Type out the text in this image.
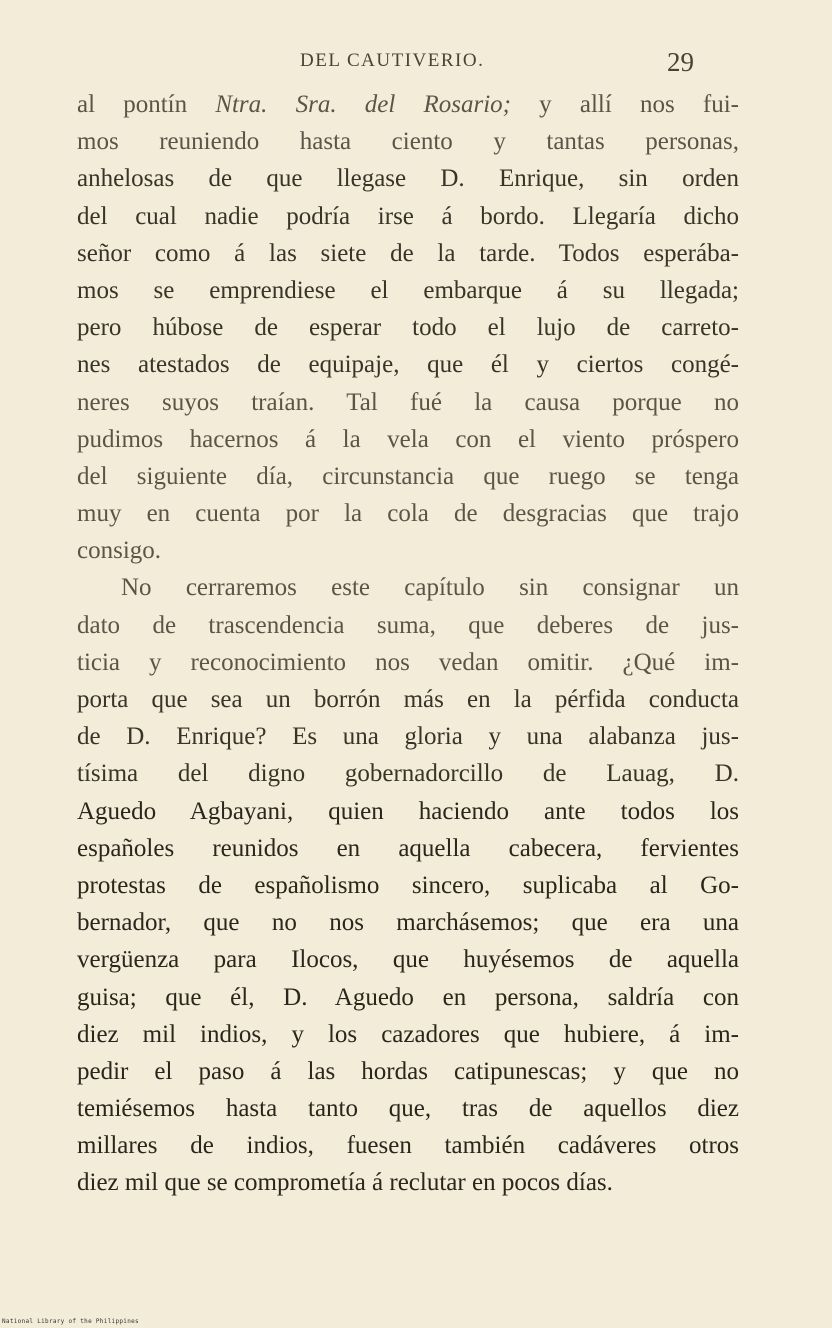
DEL CAUTIVERIO.	29
al pontín Ntra. Sra. del Rosario; y allí nos fui-
mos reuniendo hasta ciento y tantas personas,
anhelosas de que llegase D. Enrique, sin orden
del cual nadie podría irse á bordo. Llegaría dicho
señor como á las siete de la tarde. Todos esperába-
mos se emprendiese el embarque á su llegada;
pero húbose de esperar todo el lujo de carreto-
nes atestados de equipaje, que él y ciertos congé-
neres suyos traían. Tal fué la causa porque no
pudimos hacernos á la vela con el viento próspero
del siguiente día, circunstancia que ruego se tenga
muy en cuenta por la cola de desgracias que trajo
consigo.
No cerraremos este capítulo sin consignar un
dato de trascendencia suma, que deberes de jus-
ticia y reconocimiento nos vedan omitir. ¿Qué im-
porta que sea un borrón más en la pérfida conducta
de D. Enrique? Es una gloria y una alabanza jus-
tísima del digno gobernadorcillo de Lauag, D.
Aguedo Agbayani, quien haciendo ante todos los
españoles reunidos en aquella cabecera, fervientes
protestas de españolismo sincero, suplicaba al Go-
bernador, que no nos marchásemos; que era una
vergüenza para Ilocos, que huyésemos de aquella
guisa; que él, D. Aguedo en persona, saldría con
diez mil indios, y los cazadores que hubiere, á im-
pedir el paso á las hordas catipunescas; y que no
temiésemos hasta tanto que, tras de aquellos diez
millares de indios, fuesen también cadáveres otros
diez mil que se comprometía á reclutar en pocos días.
National Library of the Philippines
